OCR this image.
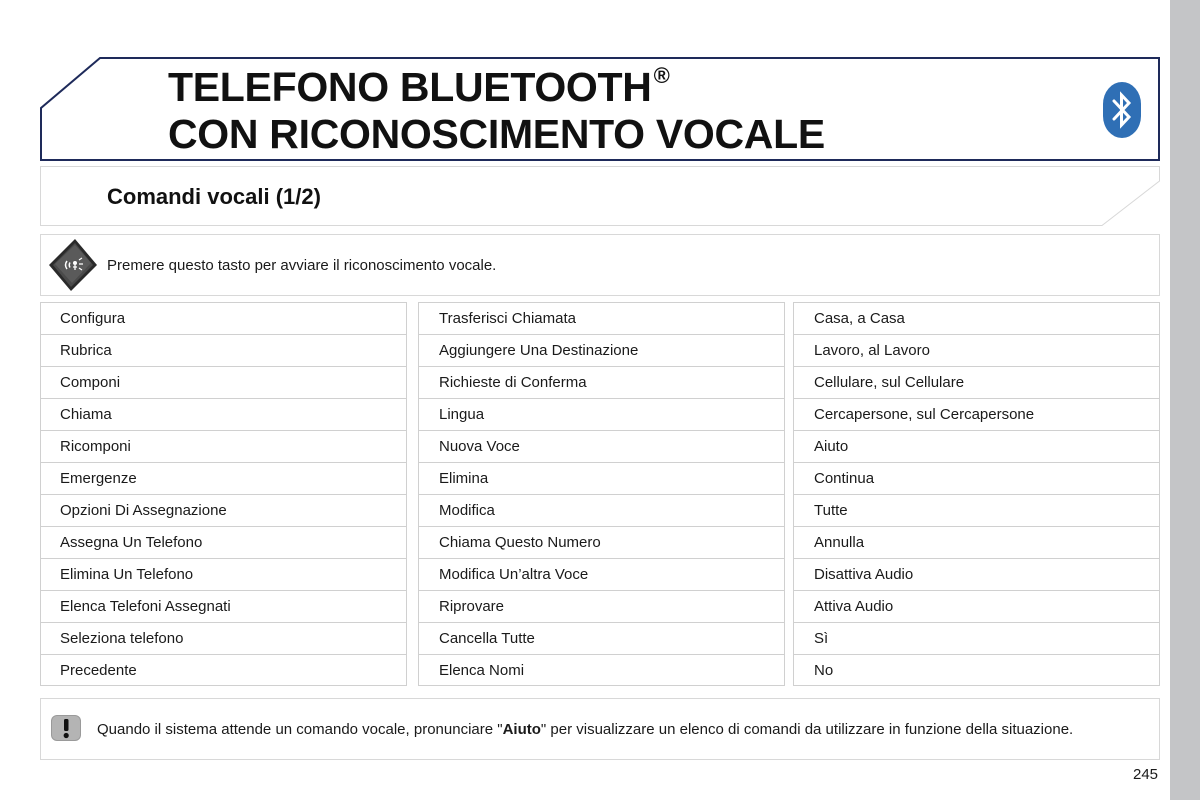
TELEFONO BLUETOOTH®
CON RICONOSCIMENTO VOCALE
Comandi vocali (1/2)
Premere questo tasto per avviare il riconoscimento vocale.
Configura
Rubrica
Componi
Chiama
Ricomponi
Emergenze
Opzioni Di Assegnazione
Assegna Un Telefono
Elimina Un Telefono
Elenca Telefoni Assegnati
Seleziona telefono
Precedente
Trasferisci Chiamata
Aggiungere Una Destinazione
Richieste di Conferma
Lingua
Nuova Voce
Elimina
Modifica
Chiama Questo Numero
Modifica Un’altra Voce
Riprovare
Cancella Tutte
Elenca Nomi
Casa, a Casa
Lavoro, al Lavoro
Cellulare, sul Cellulare
Cercapersone, sul Cercapersone
Aiuto
Continua
Tutte
Annulla
Disattiva Audio
Attiva Audio
Sì
No
Quando il sistema attende un comando vocale, pronunciare "Aiuto" per visualizzare un elenco di comandi da utilizzare in funzione della situazione.
245
